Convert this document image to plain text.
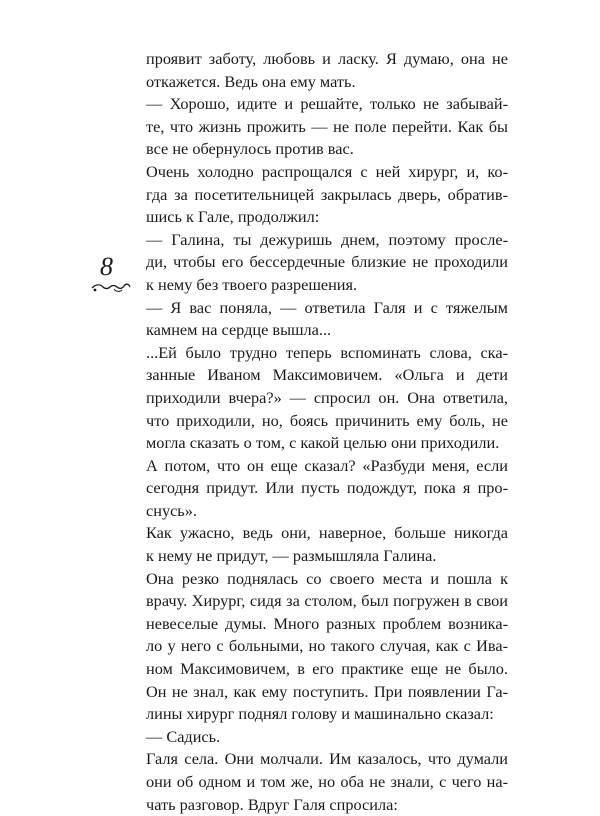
8
проявит заботу, любовь и ласку. Я думаю, она не
откажется. Ведь она ему мать.
— Хорошо, идите и решайте, только не забывай-
те, что жизнь прожить — не поле перейти. Как бы
все не обернулось против вас.
Очень холодно распрощался с ней хирург, и, ко-
гда за посетительницей закрылась дверь, обратив-
шись к Гале, продолжил:
— Галина, ты дежуришь днем, поэтому просле-
ди, чтобы его бессердечные близкие не проходили
к нему без твоего разрешения.
— Я вас поняла, — ответила Галя и с тяжелым
камнем на сердце вышла...
...Ей было трудно теперь вспоминать слова, ска-
занные Иваном Максимовичем. «Ольга и дети
приходили вчера?» — спросил он. Она ответила,
что приходили, но, боясь причинить ему боль, не
могла сказать о том, с какой целью они приходили.
А потом, что он еще сказал? «Разбуди меня, если
сегодня придут. Или пусть подождут, пока я про-
снусь».
Как ужасно, ведь они, наверное, больше никогда
к нему не придут, — размышляла Галина.
Она резко поднялась со своего места и пошла к
врачу. Хирург, сидя за столом, был погружен в свои
невеселые думы. Много разных проблем возника-
ло у него с больными, но такого случая, как с Ива-
ном Максимовичем, в его практике еще не было.
Он не знал, как ему поступить. При появлении Га-
лины хирург поднял голову и машинально сказал:
— Садись.
Галя села. Они молчали. Им казалось, что думали
они об одном и том же, но оба не знали, с чего на-
чать разговор. Вдруг Галя спросила:
